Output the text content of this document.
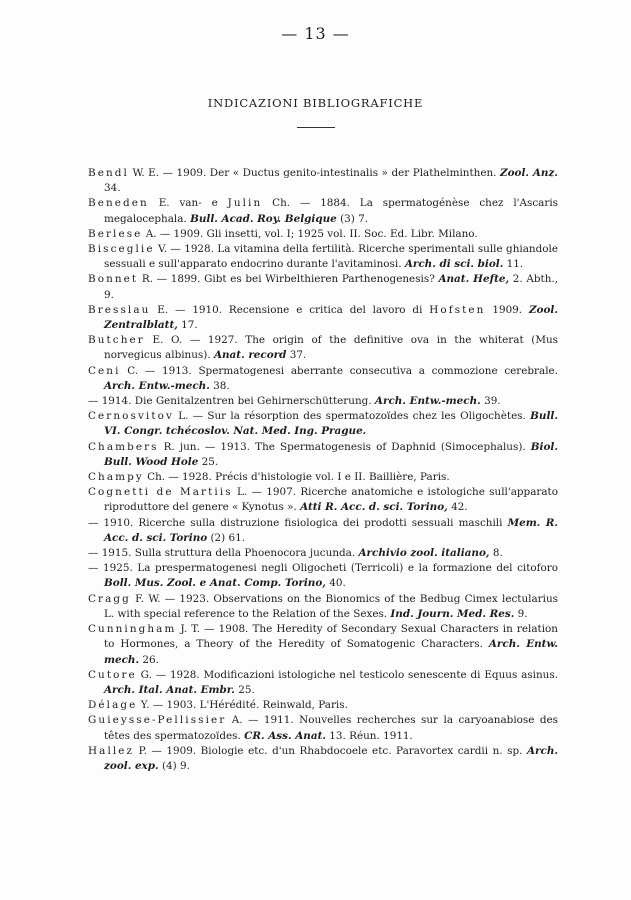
— 13 —
INDICAZIONI BIBLIOGRAFICHE
Bendl W. E. — 1909. Der « Ductus genito-intestinalis » der Plathelminthen. Zool. Anz. 34.
Beneden E. van- e Julin Ch. — 1884. La spermatogénèse chez l'Ascaris megalocephala. Bull. Acad. Roy. Belgique (3) 7.
Berlese A. — 1909. Gli insetti, vol. I; 1925 vol. II. Soc. Ed. Libr. Milano.
Bisceglie V. — 1928. La vitamina della fertilità. Ricerche sperimentali sulle ghiandole sessuali e sull'apparato endocrino durante l'avitaminosi. Arch. di sci. biol. 11.
Bonnet R. — 1899. Gibt es bei Wirbelthieren Parthenogenesis? Anat. Hefte, 2. Abth., 9.
Bresslau E. — 1910. Recensione e critica del lavoro di Hofsten 1909. Zool. Zentralblatt, 17.
Butcher E. O. — 1927. The origin of the definitive ova in the whiterat (Mus norvegicus albinus). Anat. record 37.
Ceni C. — 1913. Spermatogenesi aberrante consecutiva a commozione cerebrale. Arch. Entw.-mech. 38.
— 1914. Die Genitalzentren bei Gehirnerschütterung. Arch. Entw.-mech. 39.
Cernosvitov L. — Sur la résorption des spermatozoïdes chez les Oligochètes. Bull. VI. Congr. tchécoslov. Nat. Med. Ing. Prague.
Chambers R. jun. — 1913. The Spermatogenesis of Daphnid (Simocephalus). Biol. Bull. Wood Hole 25.
Champy Ch. — 1928. Précis d'histologie vol. I e II. Baillière, Paris.
Cognetti de Martiis L. — 1907. Ricerche anatomiche e istologiche sull'apparato riproduttore del genere « Kynotus ». Atti R. Acc. d. sci. Torino, 42.
— 1910. Ricerche sulla distruzione fisiologica dei prodotti sessuali maschili Mem. R. Acc. d. sci. Torino (2) 61.
— 1915. Sulla struttura della Phoenocora jucunda. Archivio zool. italiano, 8.
— 1925. La prespermatogenesi negli Oligocheti (Terricoli) e la formazione del citoforo Boll. Mus. Zool. e Anat. Comp. Torino, 40.
Cragg F. W. — 1923. Observations on the Bionomics of the Bedbug Cimex lectularius L. with special reference to the Relation of the Sexes. Ind. Journ. Med. Res. 9.
Cunningham J. T. — 1908. The Heredity of Secondary Sexual Characters in relation to Hormones, a Theory of the Heredity of Somatogenic Characters. Arch. Entw. mech. 26.
Cutore G. — 1928. Modificazioni istologiche nel testicolo senescente di Equus asinus. Arch. Ital. Anat. Embr. 25.
Délage Y. — 1903. L'Hérédité. Reinwald, Paris.
Guieysse-Pellissier A. — 1911. Nouvelles recherches sur la caryoanabiose des têtes des spermatozoïdes. CR. Ass. Anat. 13. Réun. 1911.
Hallez P. — 1909. Biologie etc. d'un Rhabdocoele etc. Paravortex cardii n. sp. Arch. zool. exp. (4) 9.
